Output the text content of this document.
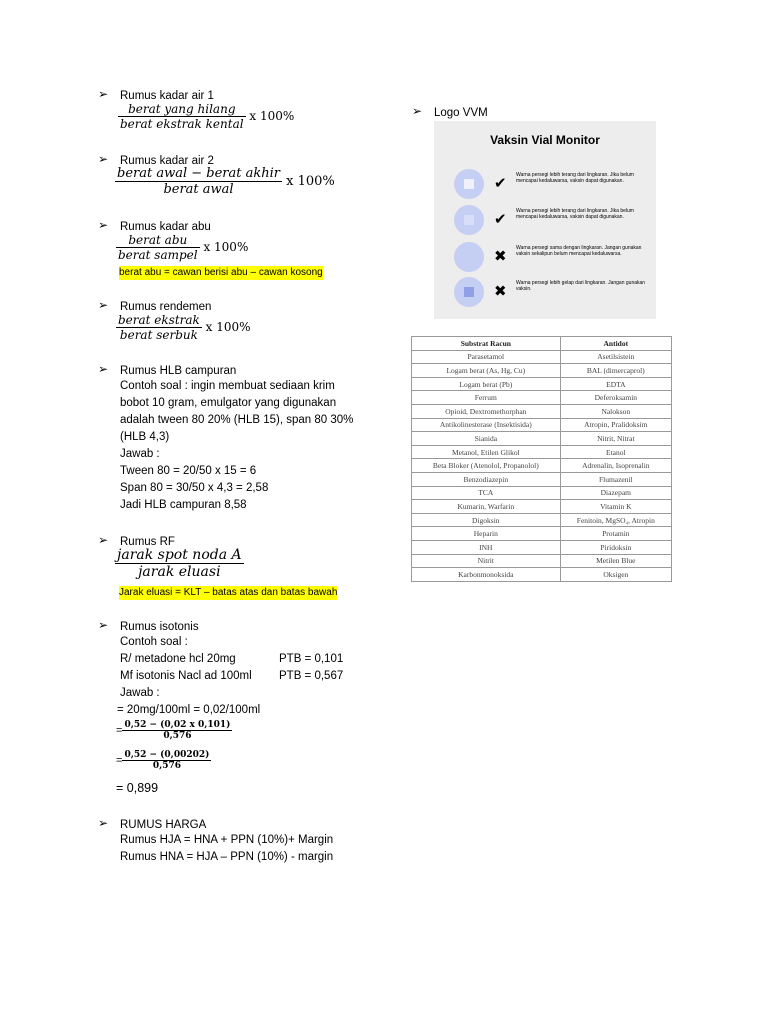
➢ Rumus kadar air 1
$\frac{\text{berat yang hilang}}{\text{berat ekstrak kental}}$ x 100%
➢ Rumus kadar air 2
$\frac{\text{berat awal − berat akhir}}{\text{berat awal}}$ x 100%
➢ Rumus kadar abu
$\frac{\text{berat abu}}{\text{berat sampel}}$ x 100%
berat abu = cawan berisi abu – cawan kosong
➢ Rumus rendemen
$\frac{\text{berat ekstrak}}{\text{berat serbuk}}$ x 100%
➢ Rumus HLB campuran
Contoh soal : ingin membuat sediaan krim
bobot 10 gram, emulgator yang digunakan
adalah tween 80 20% (HLB 15), span 80 30%
(HLB 4,3)
Jawab :
Tween 80 = 20/50 x 15 = 6
Span 80 = 30/50 x 4,3 = 2,58
Jadi HLB campuran 8,58
➢ Rumus RF
$\frac{\text{jarak spot noda A}}{\text{jarak eluasi}}$
Jarak eluasi = KLT – batas atas dan batas bawah
➢ Rumus isotonis
Contoh soal :
R/ metadone hcl 20mg	PTB = 0,101
Mf isotonis Nacl ad 100ml PTB = 0,567
Jawab :
= 20mg/100ml = 0,02/100ml
= $\frac{0,52 - (0,02 x 0,101)}{0,576}$
= $\frac{0,52 - (0,00202)}{0,576}$
= 0,899
➢ RUMUS HARGA
Rumus HJA = HNA + PPN (10%)+ Margin
Rumus HNA = HJA – PPN (10%) - margin
➢ Logo VVM
Vaksin Vial Monitor
✔ Warna persegi lebih terang dari lingkaran. Jika belum mencapai kedaluwarsa, vaksin dapat digunakan.
✔ Warna persegi lebih terang dari lingkaran. Jika belum mencapai kedaluwarsa, vaksin dapat digunakan.
✖ Warna persegi sama dengan lingkaran. Jangan gunakan vaksin sekalipun belum mencapai kedaluwarsa.
✖ Warna persegi lebih gelap dari lingkaran. Jangan gunakan vaksin.
Substrat Racun	Antidot
Parasetamol	Asetilsistein
Logam berat (As, Hg, Cu)	BAL (dimercaprol)
Logam berat (Pb)	EDTA
Ferrum	Deferoksamin
Opioid, Dextromethorphan	Nalokson
Antikolinesterase (Insektisida)	Atropin, Pralidoksim
Sianida	Nitrit, Nitrat
Metanol, Etilen Glikol	Etanol
Beta Bloker (Atenolol, Propanolol)	Adrenalin, Isoprenalin
Benzodiazepin	Flumazenil
TCA	Diazepam
Kumarin, Warfarin	Vitamin K
Digoksin	Fenitoin, MgSO₄, Atropin
Heparin	Protamin
INH	Piridoksin
Nitrit	Metilen Blue
Karbonmonoksida	Oksigen
